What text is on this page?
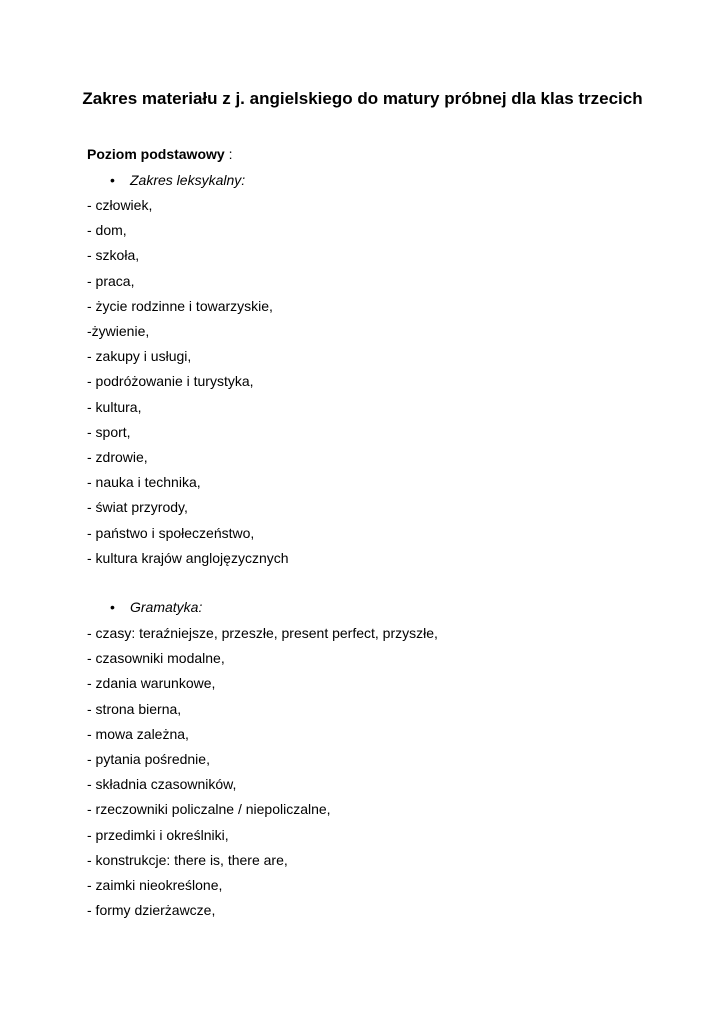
Zakres materiału z j. angielskiego do matury próbnej dla klas trzecich
Poziom podstawowy :
• Zakres leksykalny:
- człowiek,
- dom,
- szkoła,
- praca,
- życie rodzinne i towarzyskie,
-żywienie,
- zakupy i usługi,
- podróżowanie i turystyka,
- kultura,
- sport,
- zdrowie,
- nauka i technika,
- świat przyrody,
- państwo i społeczeństwo,
- kultura krajów anglojęzycznych
• Gramatyka:
- czasy: teraźniejsze, przeszłe, present perfect, przyszłe,
- czasowniki modalne,
- zdania warunkowe,
- strona bierna,
- mowa zależna,
- pytania pośrednie,
- składnia czasowników,
- rzeczowniki policzalne / niepoliczalne,
- przedimki i określniki,
- konstrukcje: there is, there are,
- zaimki nieokreślone,
- formy dzierżawcze,
